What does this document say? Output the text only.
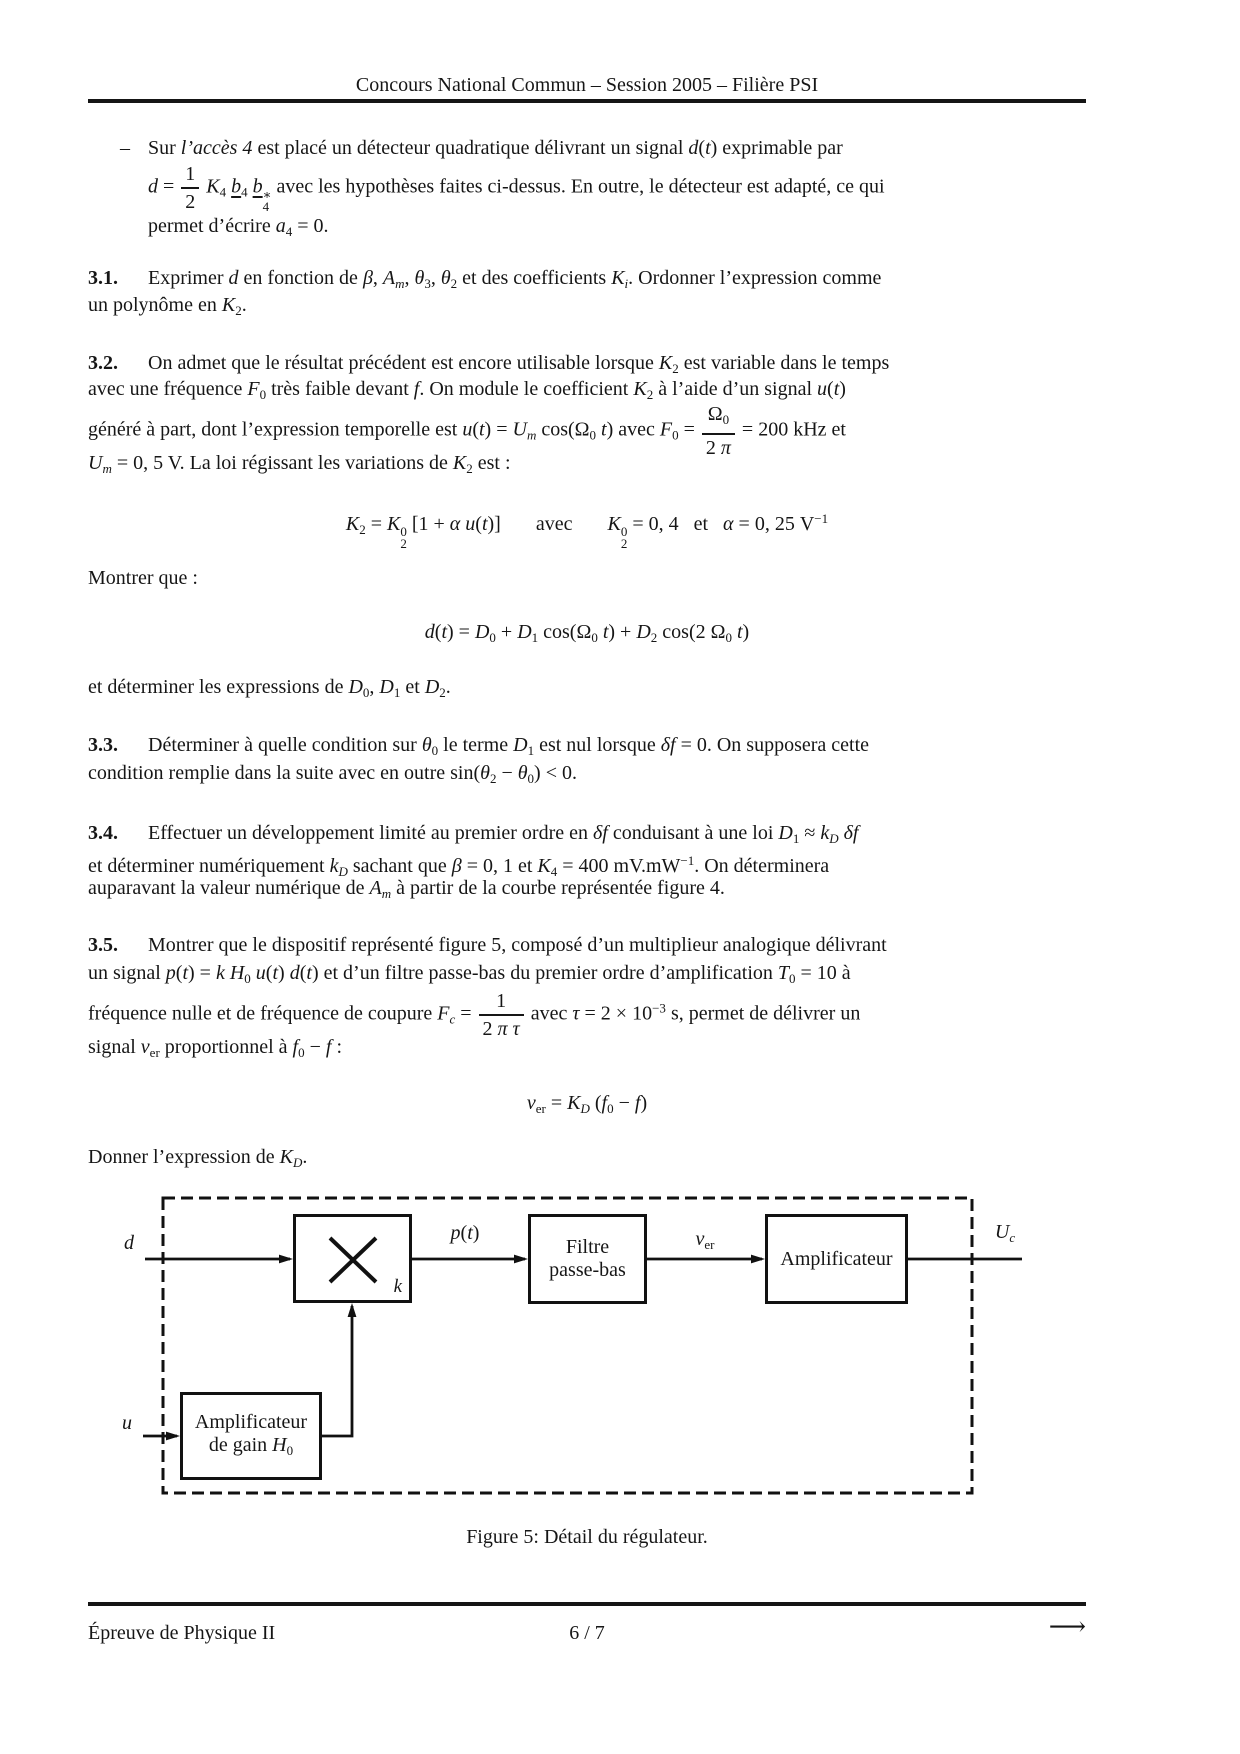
Concours National Commun – Session 2005 – Filière PSI
– Sur l’accès 4 est placé un détecteur quadratique délivrant un signal d(t) exprimable par
$d = \frac{1}{2} K_4$ $b_4$ b ∗
4
avec les hypothèses faites ci-dessus. En outre, le détecteur est adapté, ce qui
permet d’écrire $a_4 = 0$.
3.1. Exprimer d en fonction de β, $A_m$, $\theta_3$, $\theta_2$ et des coefficients $K_i$. Ordonner l’expression comme
un polynôme en $K_2$.
3.2. On admet que le résultat précédent est encore utilisable lorsque $K_2$ est variable dans le temps
avec une fréquence $F_0$ très faible devant f. On module le coefficient $K_2$ à l’aide d’un signal u(t)
généré à part, dont l’expression temporelle est $u(t) = U_m$ $\cos(\Omega_0$ t) avec $F_0 = \frac{\Omega_0}{2 \pi} = 200$ kHz et
$U_m = 0$, 5 V. La loi régissant les variations de $K_2$ est :
$K_2 = K$ 0
2
[1 + α u(t)]       avec       K 0
2
= 0, 4   et   α = 0, 25 $V^{-1}$
Montrer que :
$d(t) = D_0 + D_1$ $\cos(\Omega_0$ $t) + D_2$ cos(2 $\Omega_0$ t)
et déterminer les expressions de $D_0$, $D_1$ et $D_2$.
3.3. Déterminer à quelle condition sur $\theta_0$ le terme $D_1$ est nul lorsque δf = 0. On supposera cette
condition remplie dans la suite avec en outre $\sin(\theta_2 - \theta_0) < 0$.
3.4. Effectuer un développement limité au premier ordre en δf conduisant à une loi $D_1 \approx k_D$ δf
et déterminer numériquement $k_D$ sachant que β = 0, 1 et $K_4 = 400$ $mV.mW^{-1}$. On déterminera
auparavant la valeur numérique de $A_m$ à partir de la courbe représentée figure 4.
3.5. Montrer que le dispositif représenté figure 5, composé d’un multiplieur analogique délivrant
un signal p(t) = k $H_0$ u(t) d(t) et d’un filtre passe-bas du premier ordre d’amplification $T_0 = 10$ à
fréquence nulle et de fréquence de coupure $F_c = \frac{1}{\text{2 π τ}}$ avec $\tau = 2 \times 10^{-3}$ s, permet de délivrer un
signal $v_{er}$ proportionnel à $f_0 - f$ :
$v_{er} = K_D$ $(f_0 - f)$
Donner l’expression de $K_D$.
k
Filtre
passe-bas
Amplificateur
Amplificateur
de gain $H_0$
d	p(t)	$v_{er}$
$U_c$
u
Figure 5: Détail du régulateur.
Épreuve de Physique II	6 / 7	⟶
